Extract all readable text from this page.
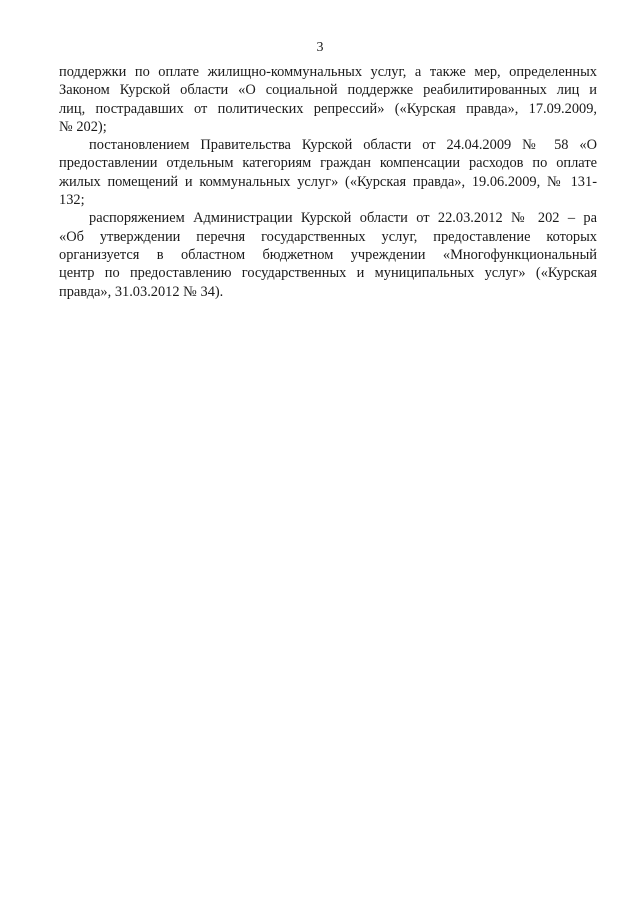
3

поддержки по оплате жилищно-коммунальных услуг, а также мер, определенных
Законом Курской области «О социальной поддержке реабилитированных лиц и
лиц, пострадавших от политических репрессий» («Курская правда», 17.09.2009,
№ 202);

постановлением Правительства Курской области от 24.04.2009 № 58 «О
предоставлении отдельным категориям граждан компенсации расходов по оплате
жилых помещений и коммунальных услуг» («Курская правда», 19.06.2009, № 131-
132;

распоряжением Администрации Курской области от 22.03.2012 № 202 – ра
«Об утверждении перечня государственных услуг, предоставление которых
организуется в областном бюджетном учреждении «Многофункциональный
центр по предоставлению государственных и муниципальных услуг» («Курская
правда», 31.03.2012 № 34).
